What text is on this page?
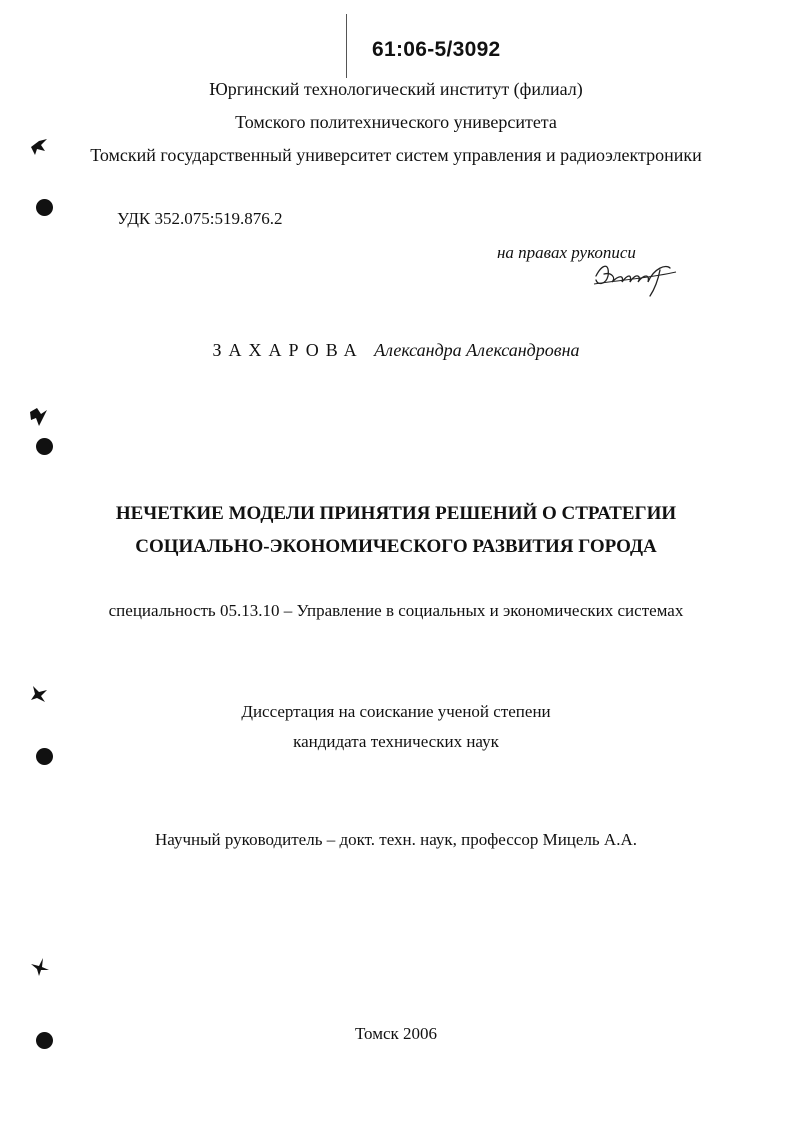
61:06-5/3092
Юргинский технологический институт (филиал)
Томского политехнического университета
Томский государственный университет систем управления и радиоэлектроники
УДК 352.075:519.876.2
на правах рукописи
ЗАХАРОВА Александра Александровна
НЕЧЕТКИЕ МОДЕЛИ ПРИНЯТИЯ РЕШЕНИЙ О СТРАТЕГИИ
СОЦИАЛЬНО-ЭКОНОМИЧЕСКОГО РАЗВИТИЯ ГОРОДА
специальность 05.13.10 – Управление в социальных и экономических системах
Диссертация на соискание ученой степени
кандидата технических наук
Научный руководитель – докт. техн. наук, профессор Мицель А.А.
Томск 2006
